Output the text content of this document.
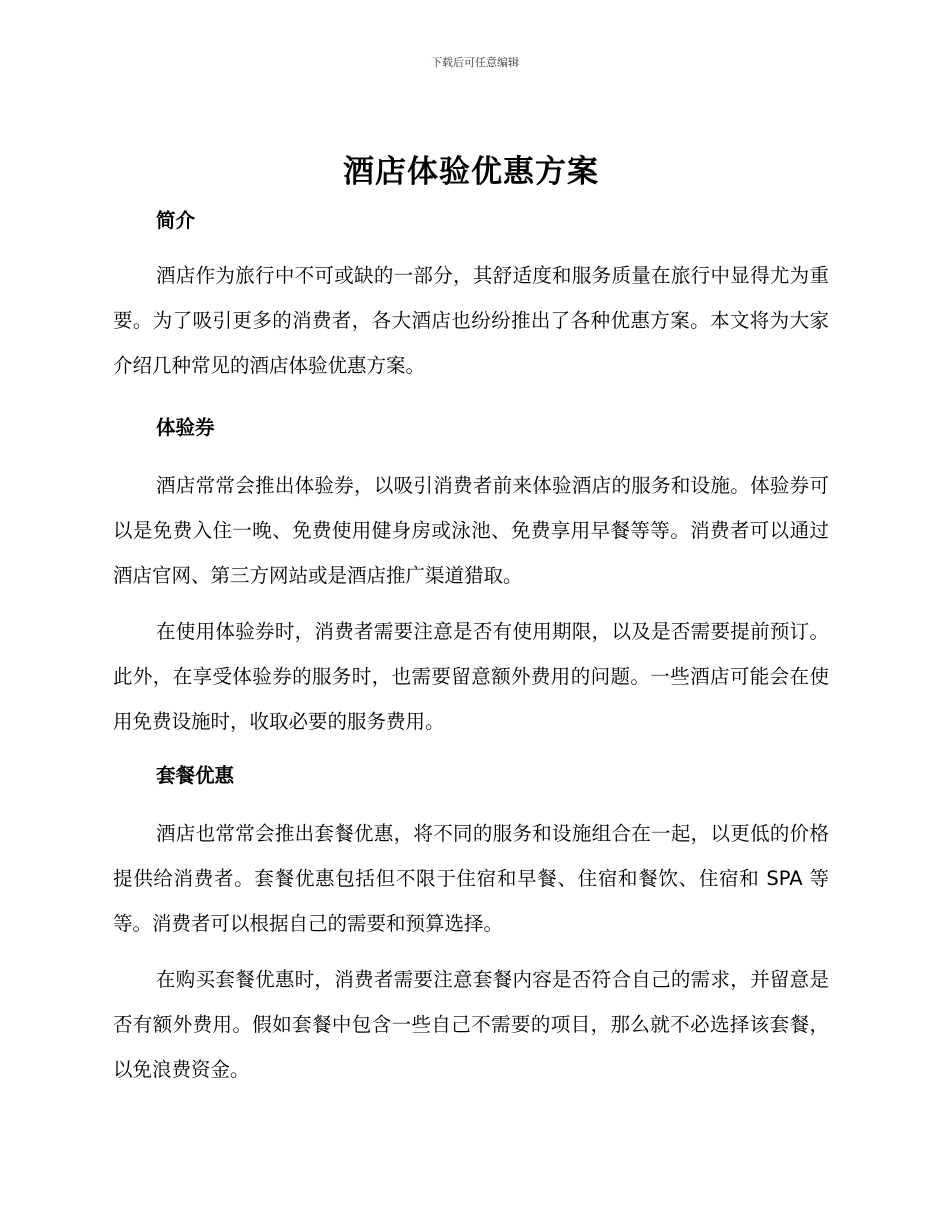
下载后可任意编辑
酒店体验优惠方案
简介

酒店作为旅行中不可或缺的一部分，其舒适度和服务质量在旅行中显得尤为重要。为了吸引更多的消费者，各大酒店也纷纷推出了各种优惠方案。本文将为大家介绍几种常见的酒店体验优惠方案。

体验券

酒店常常会推出体验券，以吸引消费者前来体验酒店的服务和设施。体验券可以是免费入住一晚、免费使用健身房或泳池、免费享用早餐等等。消费者可以通过酒店官网、第三方网站或是酒店推广渠道猎取。

在使用体验券时，消费者需要注意是否有使用期限，以及是否需要提前预订。此外，在享受体验券的服务时，也需要留意额外费用的问题。一些酒店可能会在使用免费设施时，收取必要的服务费用。

套餐优惠

酒店也常常会推出套餐优惠，将不同的服务和设施组合在一起，以更低的价格提供给消费者。套餐优惠包括但不限于住宿和早餐、住宿和餐饮、住宿和 SPA 等等。消费者可以根据自己的需要和预算选择。

在购买套餐优惠时，消费者需要注意套餐内容是否符合自己的需求，并留意是否有额外费用。假如套餐中包含一些自己不需要的项目，那么就不必选择该套餐，以免浪费资金。
